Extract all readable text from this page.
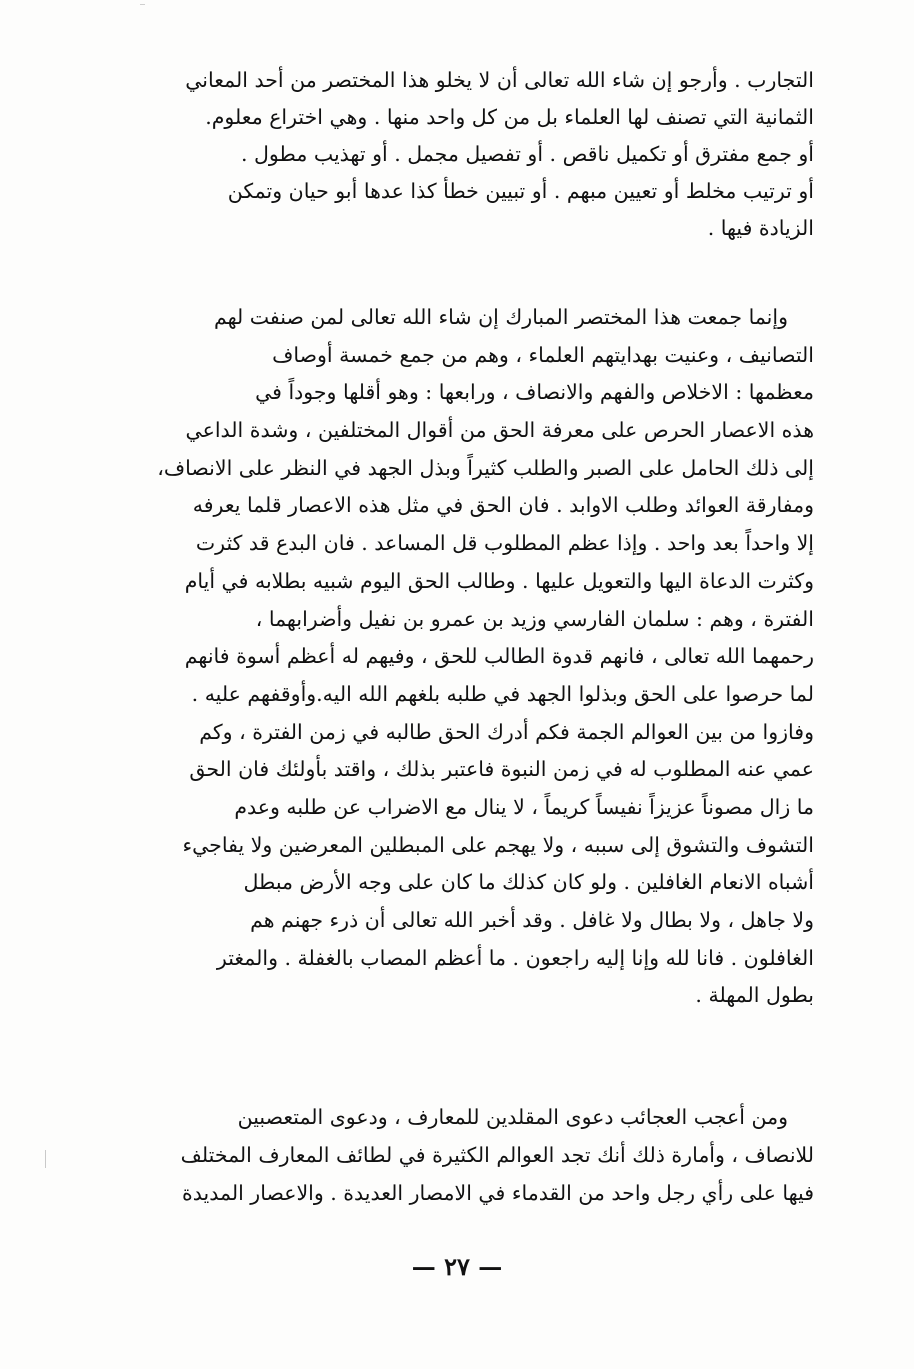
التجارب . وأرجو إن شاء الله تعالى أن لا يخلو هذا المختصر من أحد المعاني
الثمانية التي تصنف لها العلماء بل من كل واحد منها . وهي اختراع معلوم.
أو جمع مفترق أو تكميل ناقص . أو تفصيل مجمل . أو تهذيب مطول .
أو ترتيب مخلط أو تعيين مبهم . أو تبيين خطأ كذا عدها أبو حيان وتمكن
الزيادة فيها .
وإنما جمعت هذا المختصر المبارك إن شاء الله تعالى لمن صنفت لهم
التصانيف ، وعنيت بهدايتهم العلماء ، وهم من جمع خمسة أوصاف
معظمها : الاخلاص والفهم والانصاف ، ورابعها : وهو أقلها وجوداً في
هذه الاعصار الحرص على معرفة الحق من أقوال المختلفين ، وشدة الداعي
إلى ذلك الحامل على الصبر والطلب كثيراً وبذل الجهد في النظر على الانصاف،
ومفارقة العوائد وطلب الاوابد . فان الحق في مثل هذه الاعصار قلما يعرفه
إلا واحداً بعد واحد . وإذا عظم المطلوب قل المساعد . فان البدع قد كثرت
وكثرت الدعاة اليها والتعويل عليها . وطالب الحق اليوم شبيه بطلابه في أيام
الفترة ، وهم : سلمان الفارسي وزيد بن عمرو بن نفيل وأضرابهما ،
رحمهما الله تعالى ، فانهم قدوة الطالب للحق ، وفيهم له أعظم أسوة فانهم
لما حرصوا على الحق وبذلوا الجهد في طلبه بلغهم الله اليه.وأوقفهم عليه .
وفازوا من بين العوالم الجمة فكم أدرك الحق طالبه في زمن الفترة ، وكم
عمي عنه المطلوب له في زمن النبوة فاعتبر بذلك ، واقتد بأولئك فان الحق
ما زال مصوناً عزيزاً نفيساً كريماً ، لا ينال مع الاضراب عن طلبه وعدم
التشوف والتشوق إلى سببه ، ولا يهجم على المبطلين المعرضين ولا يفاجيء
أشباه الانعام الغافلين . ولو كان كذلك ما كان على وجه الأرض مبطل
ولا جاهل ، ولا بطال ولا غافل . وقد أخبر الله تعالى أن ذرء جهنم هم
الغافلون . فانا لله وإنا إليه راجعون . ما أعظم المصاب بالغفلة . والمغتر
بطول المهلة .
ومن أعجب العجائب دعوى المقلدين للمعارف ، ودعوى المتعصبين
للانصاف ، وأمارة ذلك أنك تجد العوالم الكثيرة في لطائف المعارف المختلف
فيها على رأي رجل واحد من القدماء في الامصار العديدة . والاعصار المديدة
— ٢٧ —
